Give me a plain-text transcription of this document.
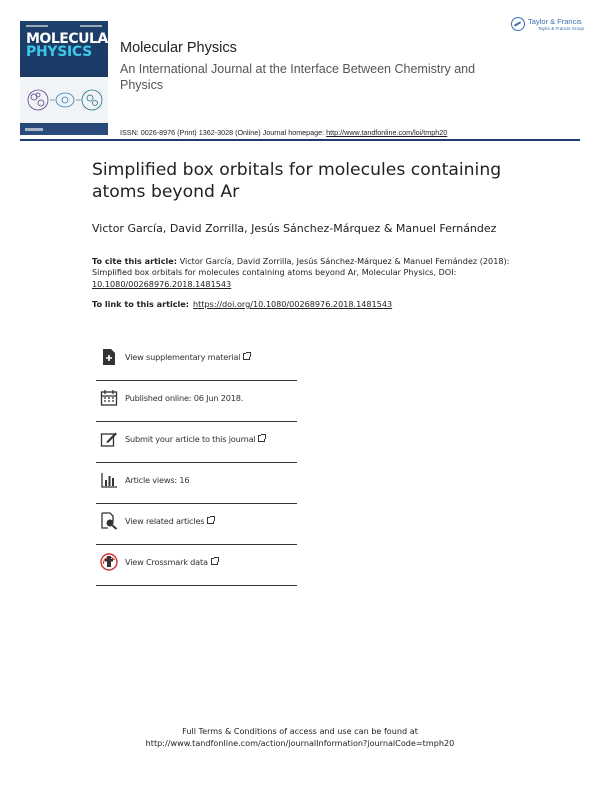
MOLECULAR
PHYSICS Molecular Physics
An International Journal at the Interface Between Chemistry and Physics
ISSN: 0026-8976 (Print) 1362-3028 (Online) Journal homepage: http://www.tandfonline.com/loi/tmph20
Taylor & Francis
Taylor & Francis Group
Simplified box orbitals for molecules containing atoms beyond Ar
Victor García, David Zorrilla, Jesús Sánchez-Márquez & Manuel Fernández
To cite this article: Victor García, David Zorrilla, Jesús Sánchez-Márquez & Manuel Fernández (2018): Simplified box orbitals for molecules containing atoms beyond Ar, Molecular Physics, DOI: 10.1080/00268976.2018.1481543
To link to this article: https://doi.org/10.1080/00268976.2018.1481543
View supplementary material
Published online: 06 Jun 2018.
Submit your article to this journal
Article views: 16
View related articles
View Crossmark data
Full Terms & Conditions of access and use can be found at
http://www.tandfonline.com/action/journalInformation?journalCode=tmph20
